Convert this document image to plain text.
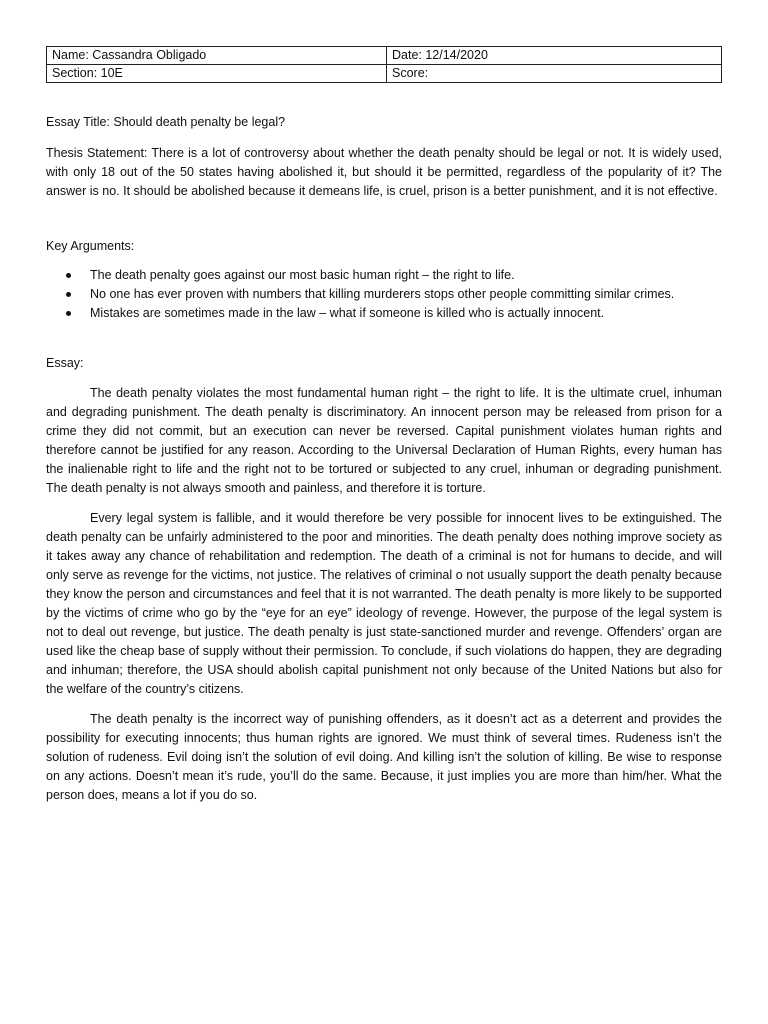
Name: Cassandra Obligado	Date: 12/14/2020
Section: 10E	Score:

Essay Title: Should death penalty be legal?

Thesis Statement: There is a lot of controversy about whether the death penalty should be legal or not. It is widely used, with only 18 out of the 50 states having abolished it, but should it be permitted, regardless of the popularity of it? The answer is no. It should be abolished because it demeans life, is cruel, prison is a better punishment, and it is not effective.

Key Arguments:

The death penalty goes against our most basic human right – the right to life.
No one has ever proven with numbers that killing murderers stops other people committing similar crimes.
Mistakes are sometimes made in the law – what if someone is killed who is actually innocent.

Essay:

The death penalty violates the most fundamental human right – the right to life. It is the ultimate cruel, inhuman and degrading punishment. The death penalty is discriminatory. An innocent person may be released from prison for a crime they did not commit, but an execution can never be reversed. Capital punishment violates human rights and therefore cannot be justified for any reason. According to the Universal Declaration of Human Rights, every human has the inalienable right to life and the right not to be tortured or subjected to any cruel, inhuman or degrading punishment. The death penalty is not always smooth and painless, and therefore it is torture.

Every legal system is fallible, and it would therefore be very possible for innocent lives to be extinguished. The death penalty can be unfairly administered to the poor and minorities. The death penalty does nothing improve society as it takes away any chance of rehabilitation and redemption. The death of a criminal is not for humans to decide, and will only serve as revenge for the victims, not justice. The relatives of criminal o not usually support the death penalty because they know the person and circumstances and feel that it is not warranted. The death penalty is more likely to be supported by the victims of crime who go by the “eye for an eye” ideology of revenge. However, the purpose of the legal system is not to deal out revenge, but justice. The death penalty is just state-sanctioned murder and revenge. Offenders’ organ are used like the cheap base of supply without their permission. To conclude, if such violations do happen, they are degrading and inhuman; therefore, the USA should abolish capital punishment not only because of the United Nations but also for the welfare of the country’s citizens.

The death penalty is the incorrect way of punishing offenders, as it doesn’t act as a deterrent and provides the possibility for executing innocents; thus human rights are ignored. We must think of several times. Rudeness isn’t the solution of rudeness. Evil doing isn’t the solution of evil doing. And killing isn’t the solution of killing. Be wise to response on any actions. Doesn’t mean it’s rude, you’ll do the same. Because, it just implies you are more than him/her. What the person does, means a lot if you do so.
